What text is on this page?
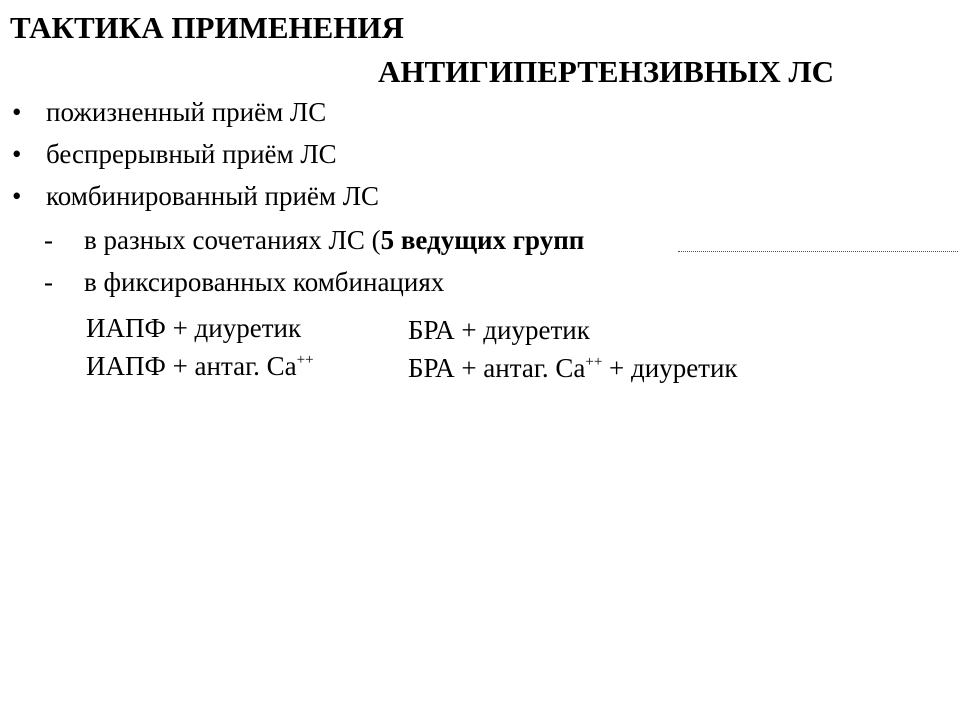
ТАКТИКА ПРИМЕНЕНИЯ
АНТИГИПЕРТЕНЗИВНЫХ ЛС
• пожизненный приём ЛС
• беспрерывный приём ЛС
• комбинированный приём ЛС
- в разных сочетаниях ЛС (5 ведущих групп
- в фиксированных комбинациях
ИАПФ + диуретик
ИАПФ + антаг. Са++
БРА + диуретик
БРА + антаг. Са++ + диуретик
